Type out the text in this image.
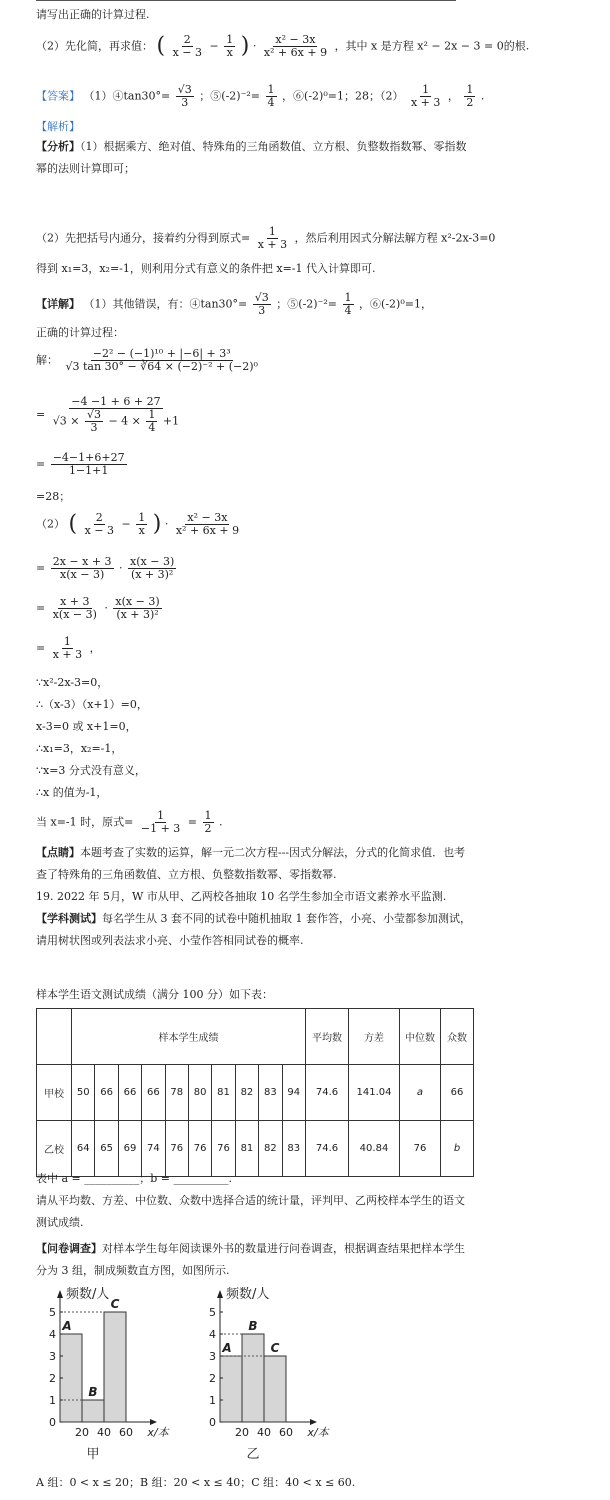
请写出正确的计算过程.
（2）先化简，再求值： ( $\frac{2}{x - 3} - \frac{1}{x}$ ) · $\frac{\text{x² − 3x}}{\text{x² + 6x + 9}}$ ，其中 x 是方程 x² − 2x − 3 = 0的根.
【答案】 （1）④tan30°= $\frac{√3}{3}$ ；⑤(-2)⁻²= $\frac{1}{4}$ ，⑥(-2)⁰=1；28；$(2) \frac{1}{x + 3}$ ， $\frac{1}{2}$ .
【解析】
【分析】（1）根据乘方、绝对值、特殊角的三角函数值、立方根、负整数指数幂、零指数
幂的法则计算即可；
（2）先把括号内通分，接着约分得到原式= $\frac{1}{x + 3}$ ，然后利用因式分解法解方程 x²-2x-3=0
得到 x₁=3，x₂=-1，则利用分式有意义的条件把 x=-1 代入计算即可.
【详解】 （1）其他错误，有：④tan30°= $\frac{√3}{3}$ ；⑤(-2)⁻²= $\frac{1}{4}$ ，⑥(-2)⁰=1，
正确的计算过程：
解： $\frac{\text{−2² − (−1)¹⁰ + |−6| + 3³}}{\text{√3 tan 30° − ∛64 × (−2)⁻² + (−2)⁰}}$
= $\frac{-4 -1 + 6 + 27}{√3 \times \frac{√3}{3} - 4 \times \frac{1}{4} +1}$
= $\frac{-4-1+6+27}{1-1+1}$
=28；
（2） ( $\frac{2}{x - 3} - \frac{1}{x}$ ) · $\frac{\text{x² − 3x}}{\text{x² + 6x + 9}}$
= $\frac{2x - x + 3}{x(x - 3)} \cdot \frac{x(x - 3)}{\text{(x + 3)²}}$
= $\frac{x + 3}{x(x - 3)} \cdot \frac{x(x - 3)}{\text{(x + 3)²}}$
= $\frac{1}{x + 3}$ ，
∵x²-2x-3=0，
∴（x-3）（x+1）=0，
x-3=0 或 x+1=0，
∴x₁=3，x₂=-1，
∵x=3 分式没有意义，
∴x 的值为-1，
当 x=-1 时，原式= $\frac{1}{-1 + 3} = \frac{1}{2}$ .
【点睛】本题考查了实数的运算，解一元二次方程---因式分解法，分式的化简求值．也考
查了特殊角的三角函数值、立方根、负整数指数幂、零指数幂.
19. 2022 年 5月，W 市从甲、乙两校各抽取 10 名学生参加全市语文素养水平监测.
【学科测试】每名学生从 3 套不同的试卷中随机抽取 1 套作答，小亮、小莹都参加测试，
请用树状图或列表法求小亮、小莹作答相同试卷的概率.
样本学生语文测试成绩（满分 100 分）如下表：
	样本学生成绩										平均数	方差	中位数	众数
甲校	50	66	66	66	78	80	81	82	83	94	74.6	141.04	a	66
乙校	64	65	69	74	76	76	76	81	82	83	74.6	40.84	76	b
表中 a = __________；b = __________.
请从平均数、方差、中位数、众数中选择合适的统计量，评判甲、乙两校样本学生的语文
测试成绩.
【问卷调查】对样本学生每年阅读课外书的数量进行问卷调查，根据调查结果把样本学生
分为 3 组，制成频数直方图，如图所示.
频数/人
A
B
C
0
1
2
3
4
5
20 40 60 x/本
甲
频数/人
A
B
C
0
1
2
3
4
5
20 40 60 x/本
乙
A 组：0 < x ≤ 20；B 组：20 < x ≤ 40；C 组：40 < x ≤ 60.
